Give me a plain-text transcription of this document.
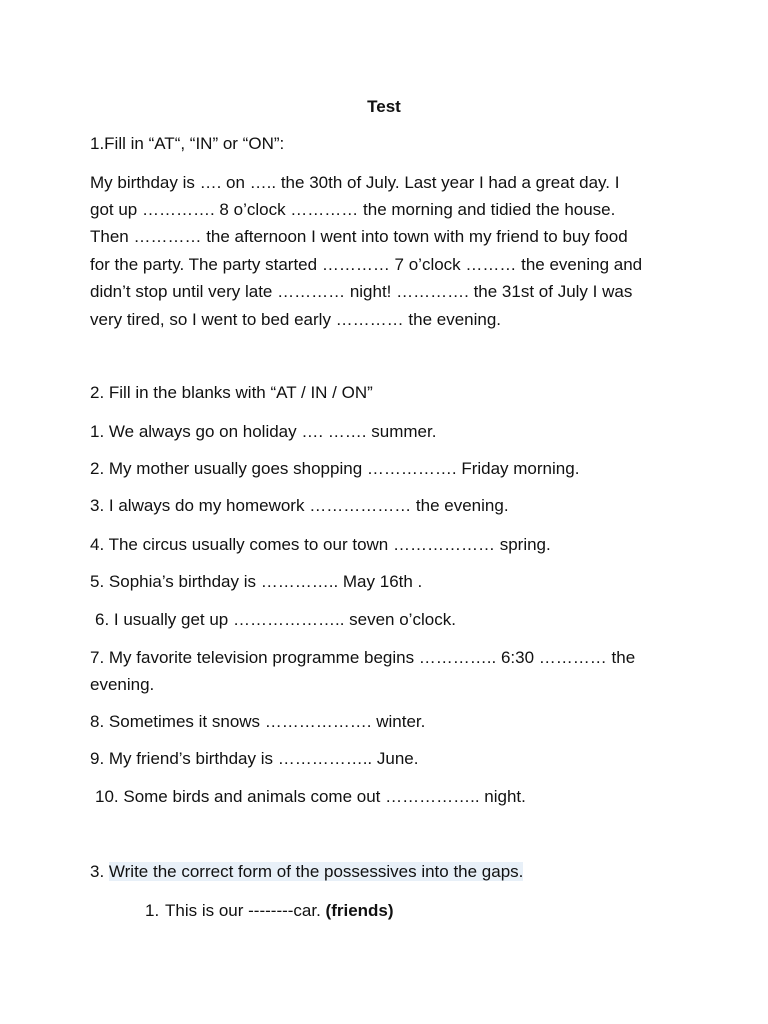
Test
1.Fill in “AT“, “IN” or “ON”:
My birthday is …. on ….. the 30th of July. Last year I had a great day. I
got up …………. 8 o’clock ………… the morning and tidied the house.
Then ………… the afternoon I went into town with my friend to buy food
for the party. The party started ………… 7 o’clock ……… the evening and
didn’t stop until very late ………… night! …………. the 31st of July I was
very tired, so I went to bed early ………… the evening.
2. Fill in the blanks with “AT / IN / ON”
1. We always go on holiday …. ……. summer.
2. My mother usually goes shopping ……………. Friday morning.
3. I always do my homework ……………… the evening.
4. The circus usually comes to our town ……………… spring.
5. Sophia’s birthday is ………….. May 16th .
6. I usually get up ……………….. seven o’clock.
7. My favorite television programme begins ………….. 6:30 ………… the
evening.
8. Sometimes it snows ………………. winter.
9. My friend’s birthday is …………….. June.
10. Some birds and animals come out …………….. night.
3. Write the correct form of the possessives into the gaps.
1. This is our --------car. (friends)
